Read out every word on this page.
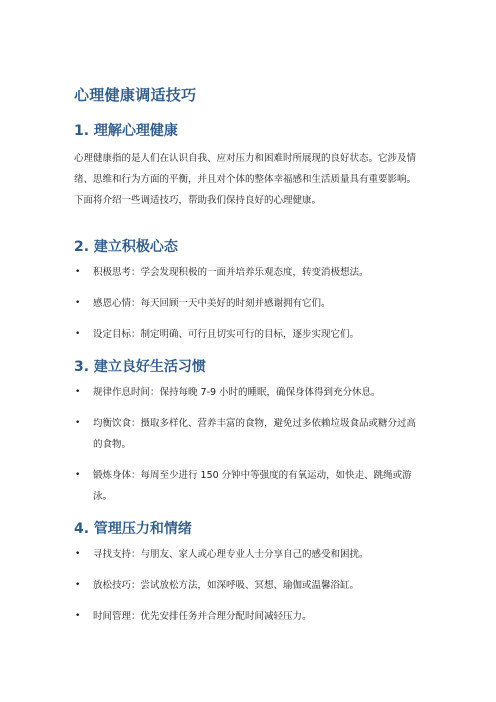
心理健康调适技巧
1. 理解心理健康

心理健康指的是人们在认识自我、应对压力和困难时所展现的良好状态。它涉及情绪、思维和行为方面的平衡，并且对个体的整体幸福感和生活质量具有重要影响。下面将介绍一些调适技巧，帮助我们保持良好的心理健康。

2. 建立积极心态
• 积极思考：学会发现积极的一面并培养乐观态度，转变消极想法。
• 感恩心情：每天回顾一天中美好的时刻并感谢拥有它们。
• 设定目标：制定明确、可行且切实可行的目标，逐步实现它们。
3. 建立良好生活习惯
• 规律作息时间：保持每晚 7-9 小时的睡眠，确保身体得到充分休息。
• 均衡饮食：摄取多样化、营养丰富的食物，避免过多依赖垃圾食品或糖分过高的食物。
• 锻炼身体：每周至少进行 150 分钟中等强度的有氧运动，如快走、跳绳或游泳。
4. 管理压力和情绪
• 寻找支持：与朋友、家人或心理专业人士分享自己的感受和困扰。
• 放松技巧：尝试放松方法，如深呼吸、冥想、瑜伽或温馨浴缸。
• 时间管理：优先安排任务并合理分配时间减轻压力。
